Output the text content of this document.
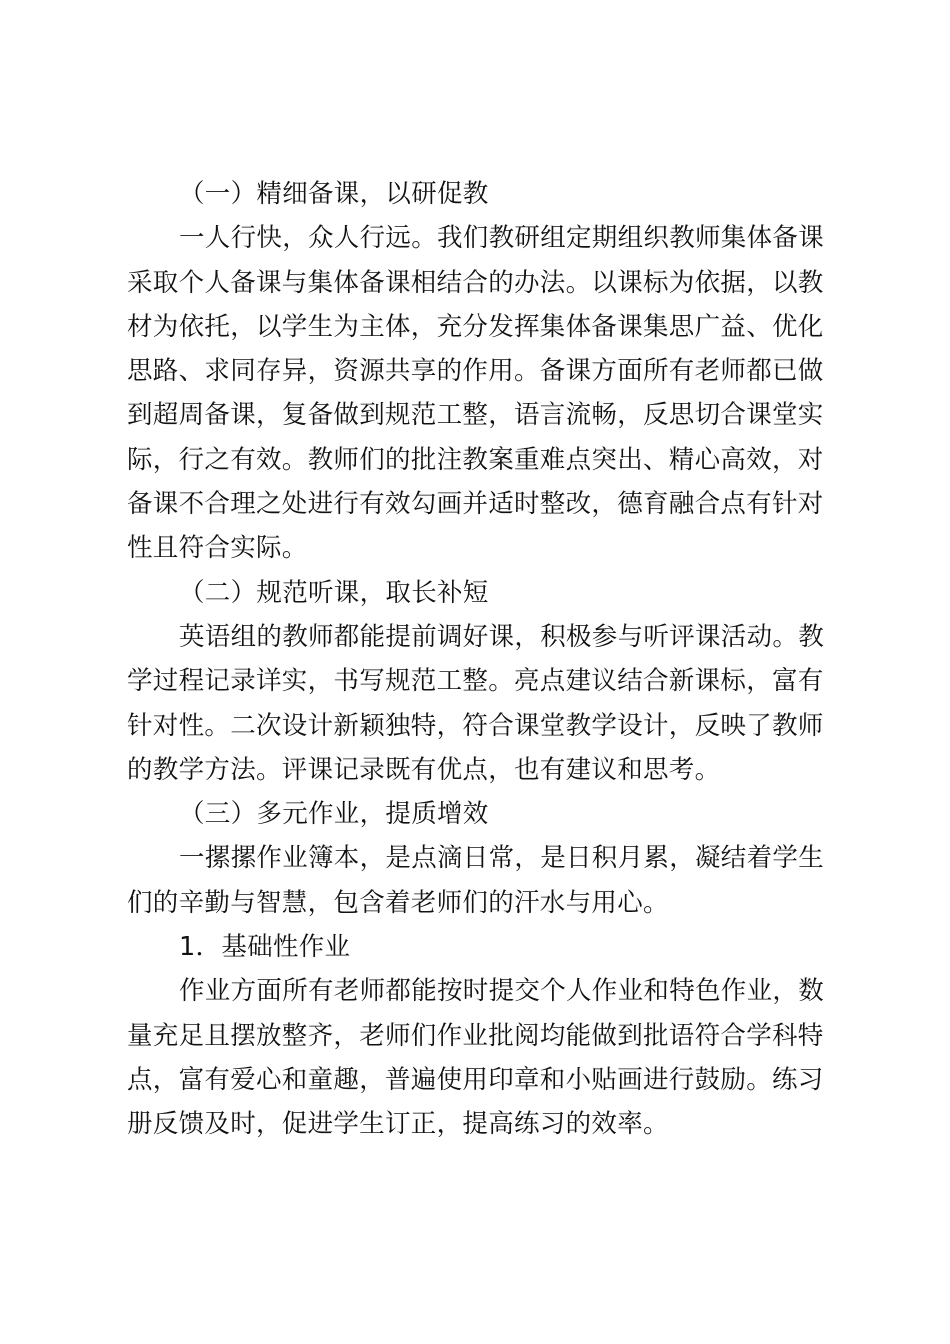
（一）精细备课，以研促教
一人行快，众人行远。我们教研组定期组织教师集体备课
采取个人备课与集体备课相结合的办法。以课标为依据，以教
材为依托，以学生为主体，充分发挥集体备课集思广益、优化
思路、求同存异，资源共享的作用。备课方面所有老师都已做
到超周备课，复备做到规范工整，语言流畅，反思切合课堂实
际，行之有效。教师们的批注教案重难点突出、精心高效，对
备课不合理之处进行有效勾画并适时整改，德育融合点有针对
性且符合实际。
（二）规范听课，取长补短
英语组的教师都能提前调好课，积极参与听评课活动。教
学过程记录详实，书写规范工整。亮点建议结合新课标，富有
针对性。二次设计新颖独特，符合课堂教学设计，反映了教师
的教学方法。评课记录既有优点，也有建议和思考。
（三）多元作业，提质增效
一摞摞作业簿本，是点滴日常，是日积月累，凝结着学生
们的辛勤与智慧，包含着老师们的汗水与用心。
1．基础性作业
作业方面所有老师都能按时提交个人作业和特色作业，数
量充足且摆放整齐，老师们作业批阅均能做到批语符合学科特
点，富有爱心和童趣，普遍使用印章和小贴画进行鼓励。练习
册反馈及时，促进学生订正，提高练习的效率。
